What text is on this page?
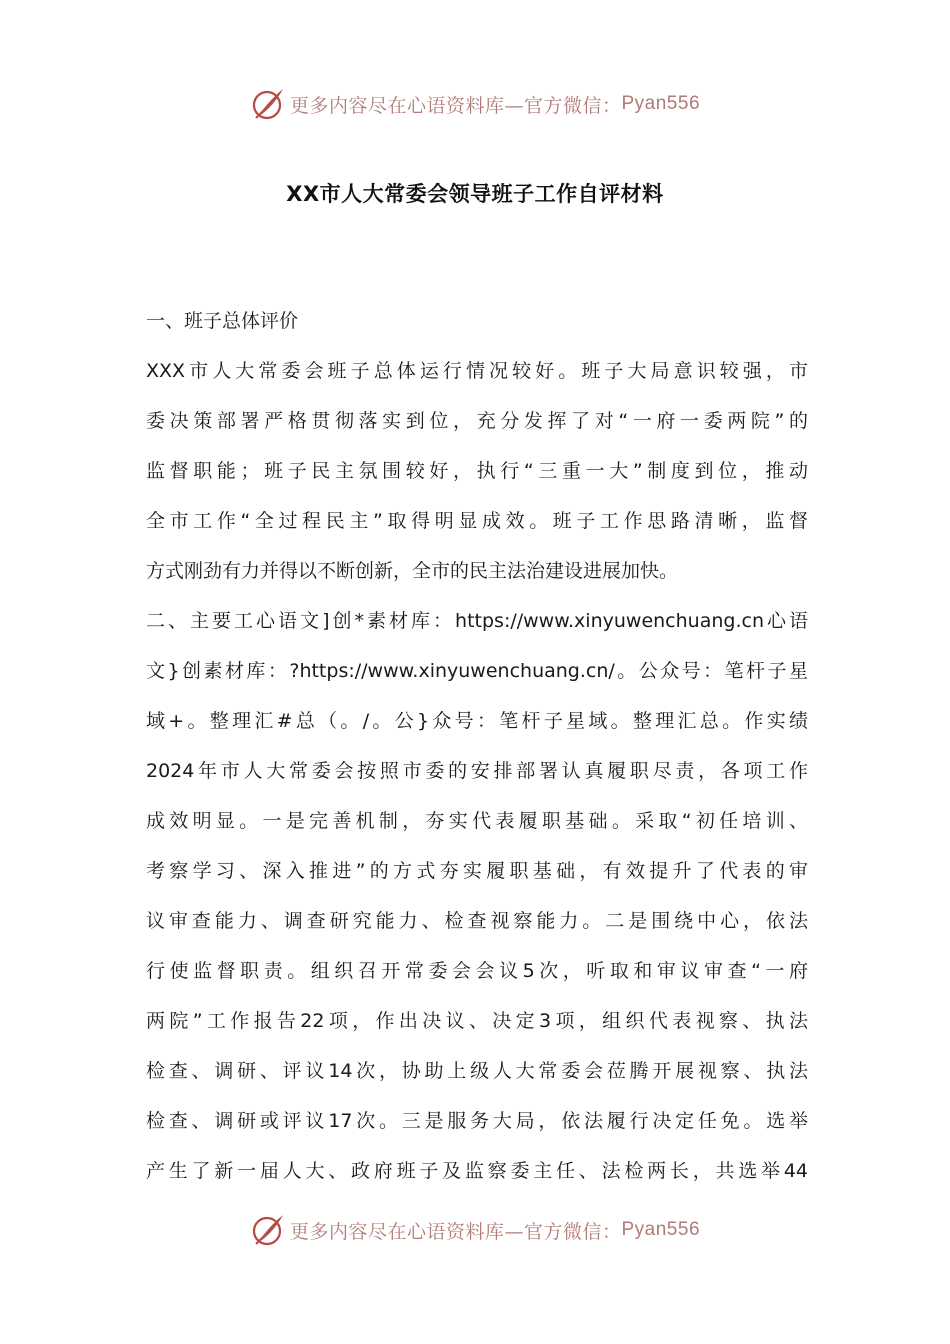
更多内容尽在心语资料库—官方微信： Pyan556
XX市人大常委会领导班子工作自评材料
一、班子总体评价
XXX市人大常委会班子总体运行情况较好。班子大局意识较强，市
委决策部署严格贯彻落实到位，充分发挥了对“一府一委两院”的
监督职能；班子民主氛围较好，执行“三重一大”制度到位，推动
全市工作“全过程民主”取得明显成效。班子工作思路清晰，监督
方式刚劲有力并得以不断创新，全市的民主法治建设进展加快。
二、主要工心语文]创*素材库：https://www.xinyuwenchuang.cn心语
文}创素材库：?https://www.xinyuwenchuang.cn/。公众号：笔杆子星
域+。整理汇#总（。/。公}众号：笔杆子星域。整理汇总。作实绩
2024年市人大常委会按照市委的安排部署认真履职尽责，各项工作
成效明显。一是完善机制，夯实代表履职基础。采取“初任培训、
考察学习、深入推进”的方式夯实履职基础，有效提升了代表的审
议审查能力、调查研究能力、检查视察能力。二是围绕中心，依法
行使监督职责。组织召开常委会会议5次，听取和审议审查“一府
两院”工作报告22项，作出决议、决定3项，组织代表视察、执法
检查、调研、评议14次，协助上级人大常委会莅腾开展视察、执法
检查、调研或评议17次。三是服务大局，依法履行决定任免。选举
产生了新一届人大、政府班子及监察委主任、法检两长，共选举44
更多内容尽在心语资料库—官方微信： Pyan556
